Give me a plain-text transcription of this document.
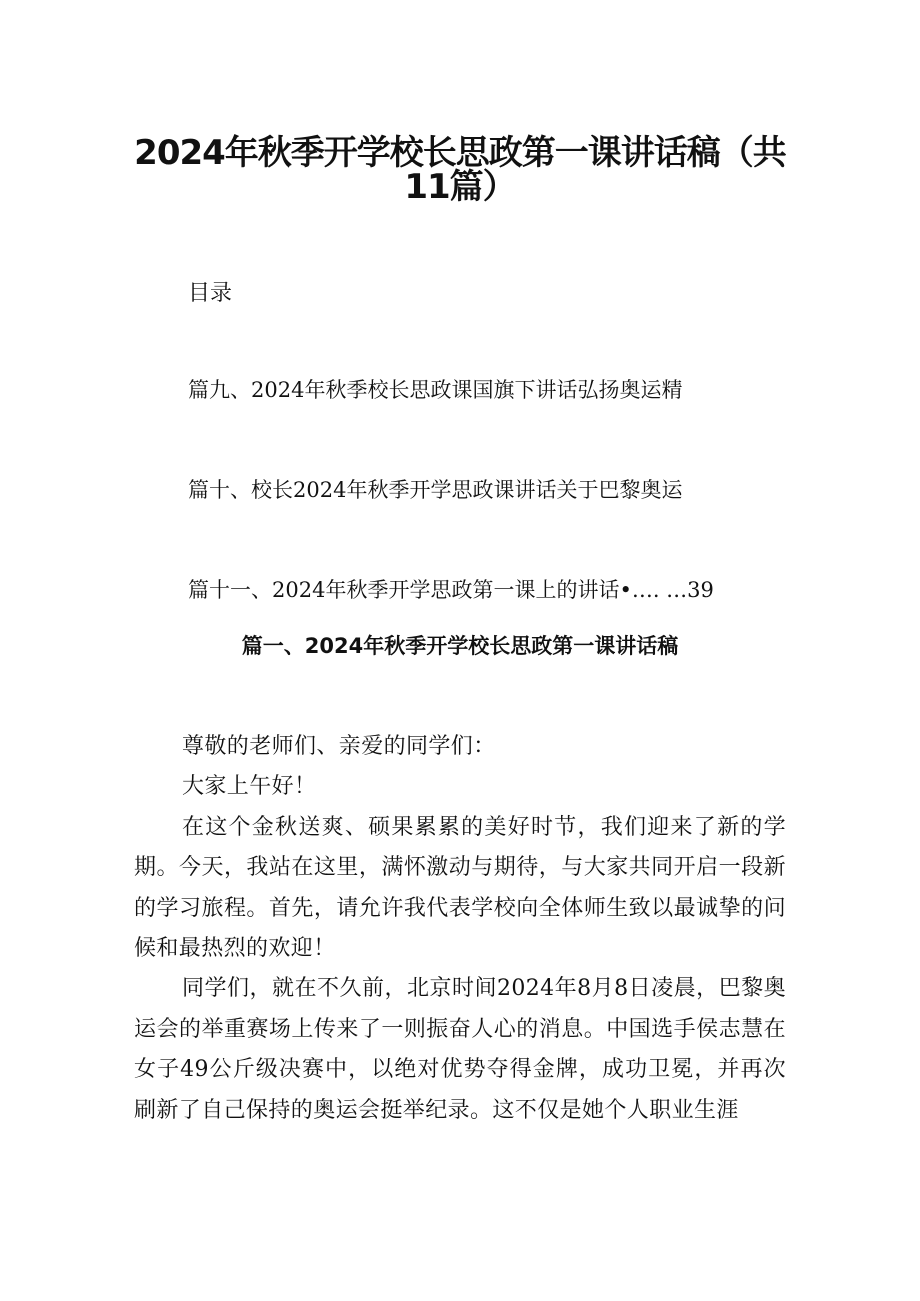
2024年秋季开学校长思政第一课讲话稿（共
11篇）

目录

篇九、2024年秋季校长思政课国旗下讲话弘扬奥运精

篇十、校长2024年秋季开学思政课讲话关于巴黎奥运

篇十一、2024年秋季开学思政第一课上的讲话•…. …39

篇一、2024年秋季开学校长思政第一课讲话稿

尊敬的老师们、亲爱的同学们：

大家上午好！

在这个金秋送爽、硕果累累的美好时节，我们迎来了新的学期。今天，我站在这里，满怀激动与期待，与大家共同开启一段新的学习旅程。首先，请允许我代表学校向全体师生致以最诚挚的问候和最热烈的欢迎！

同学们，就在不久前，北京时间2024年8月8日凌晨，巴黎奥运会的举重赛场上传来了一则振奋人心的消息。中国选手侯志慧在女子49公斤级决赛中，以绝对优势夺得金牌，成功卫冕，并再次刷新了自己保持的奥运会挺举纪录。这不仅是她个人职业生涯
